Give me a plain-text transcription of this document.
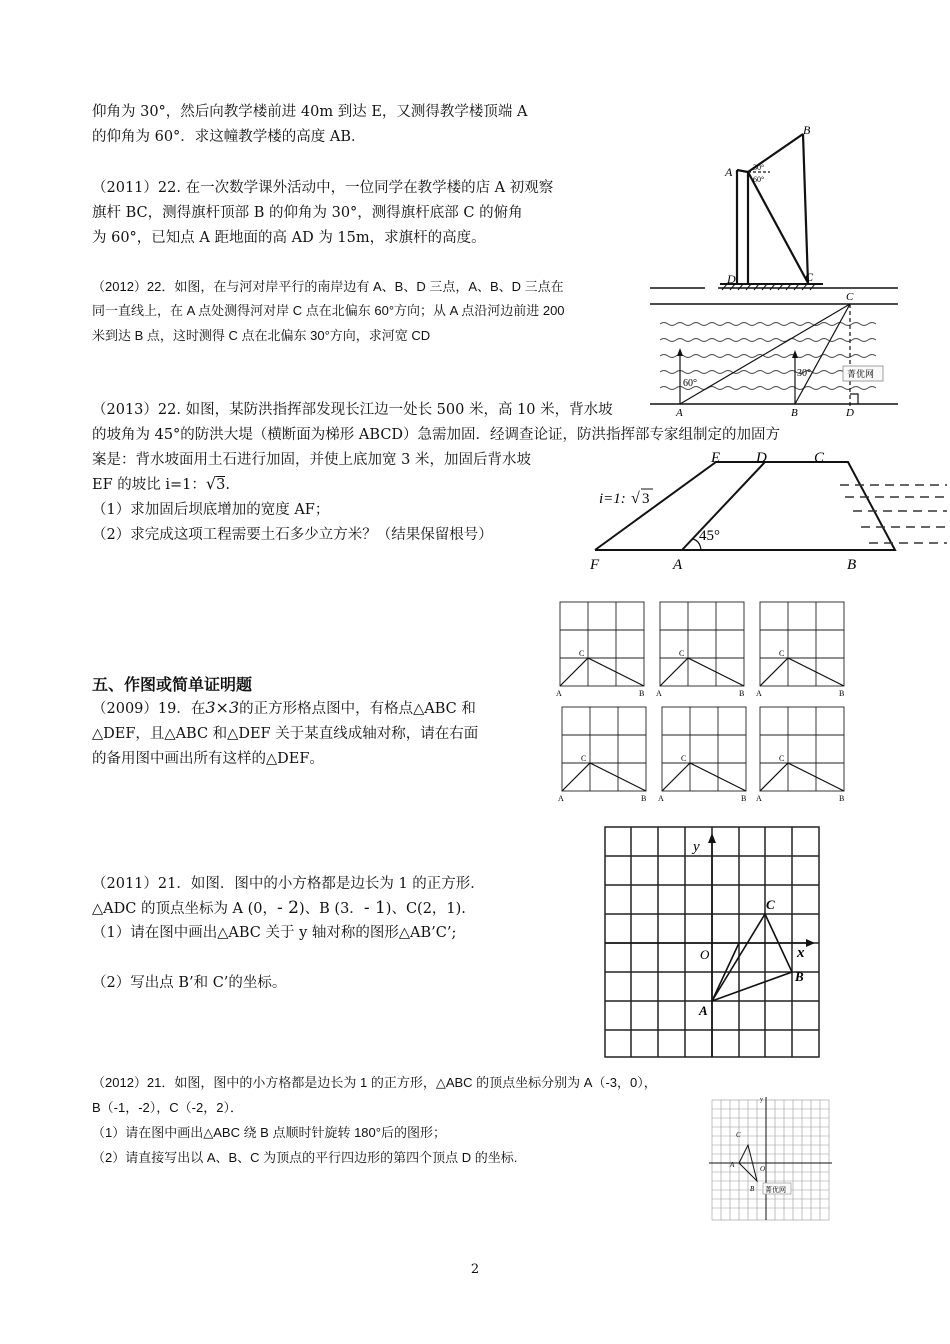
仰角为 30°，然后向教学楼前进 40m 到达 E，又测得教学楼顶端 A
的仰角为 60°．求这幢教学楼的高度 AB．
（2011）22. 在一次数学课外活动中，一位同学在教学楼的店 A 初观察
旗杆 BC，测得旗杆顶部 B 的仰角为 30°，测得旗杆底部 C 的俯角
为 60°，已知点 A 距地面的高 AD 为 15m，求旗杆的高度。
（2012）22．如图，在与河对岸平行的南岸边有 A、B、D 三点，A、B、D 三点在
同一直线上，在 A 点处测得河对岸 C 点在北偏东 60°方向；从 A 点沿河边前进 200
米到达 B 点，这时测得 C 点在北偏东 30°方向，求河宽 CD
（2013）22. 如图，某防洪指挥部发现长江边一处长 500 米，高 10 米，背水坡
的坡角为 45°的防洪大堤（横断面为梯形 ABCD）急需加固．经调查论证，防洪指挥部专家组制定的加固方
案是：背水坡面用土石进行加固，并使上底加宽 3 米，加固后背水坡
EF 的坡比 i=1：√3.
（1）求加固后坝底增加的宽度 AF；
（2）求完成这项工程需要土石多少立方米？（结果保留根号）
五、作图或简单证明题
（2009）19．在3×3的正方形格点图中，有格点△ABC 和
△DEF，且△ABC 和△DEF 关于某直线成轴对称，请在右面
的备用图中画出所有这样的△DEF。
（2011）21．如图．图中的小方格都是边长为 1 的正方形．
△ADC 的顶点坐标为 A (0，- 2)、B (3．- 1)、C(2，1).
（1）请在图中画出△ABC 关于 y 轴对称的图形△AB’C’;
（2）写出点 B’和 C’的坐标。
（2012）21．如图，图中的小方格都是边长为 1 的正方形，△ABC 的顶点坐标分别为 A（-3，0），
B（-1，-2），C（-2，2）．
（1）请在图中画出△ABC 绕 B 点顺时针旋转 180°后的图形；
（2）请直接写出以 A、B、C 为顶点的平行四边形的第四个顶点 D 的坐标.
2
A
B
C
D
30°
60°
60°
30°
C
A	B	D
菁优网
E D	C
F	A	B
i=1: √ 3
45°
C
A	B
C
A	B
C
A	B
C
A	B
C
A	B
C
A	B
y
x
O
C
B
A
y
C
A	O
B 菁优网
